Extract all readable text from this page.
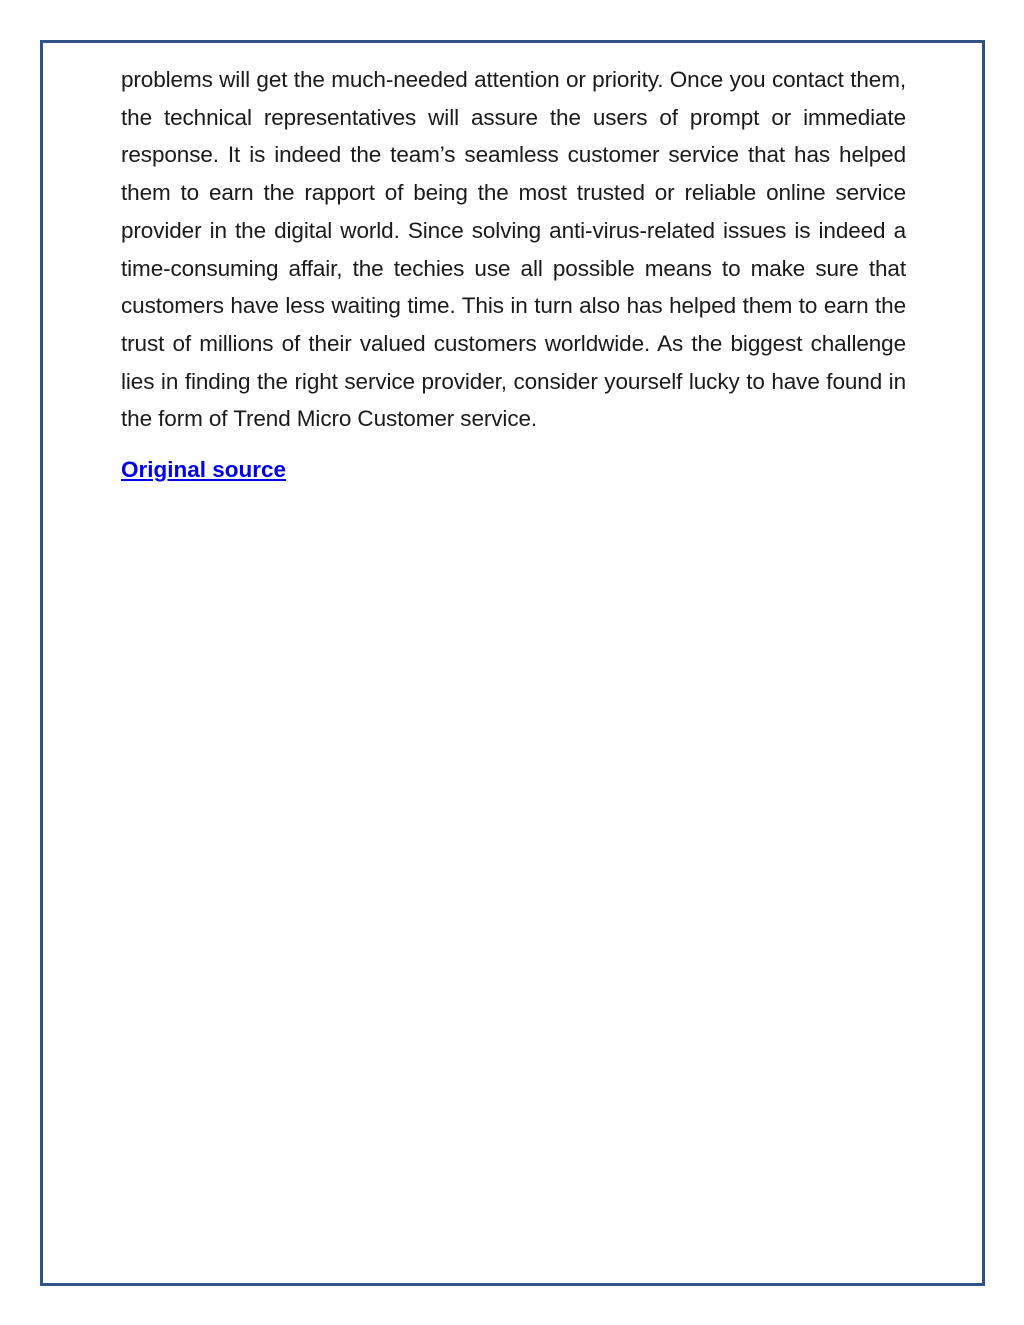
problems will get the much-needed attention or priority. Once you contact them, the technical representatives will assure the users of prompt or immediate response. It is indeed the team’s seamless customer service that has helped them to earn the rapport of being the most trusted or reliable online service provider in the digital world. Since solving anti-virus-related issues is indeed a time-consuming affair, the techies use all possible means to make sure that customers have less waiting time. This in turn also has helped them to earn the trust of millions of their valued customers worldwide. As the biggest challenge lies in finding the right service provider, consider yourself lucky to have found in the form of Trend Micro Customer service.

Original source
